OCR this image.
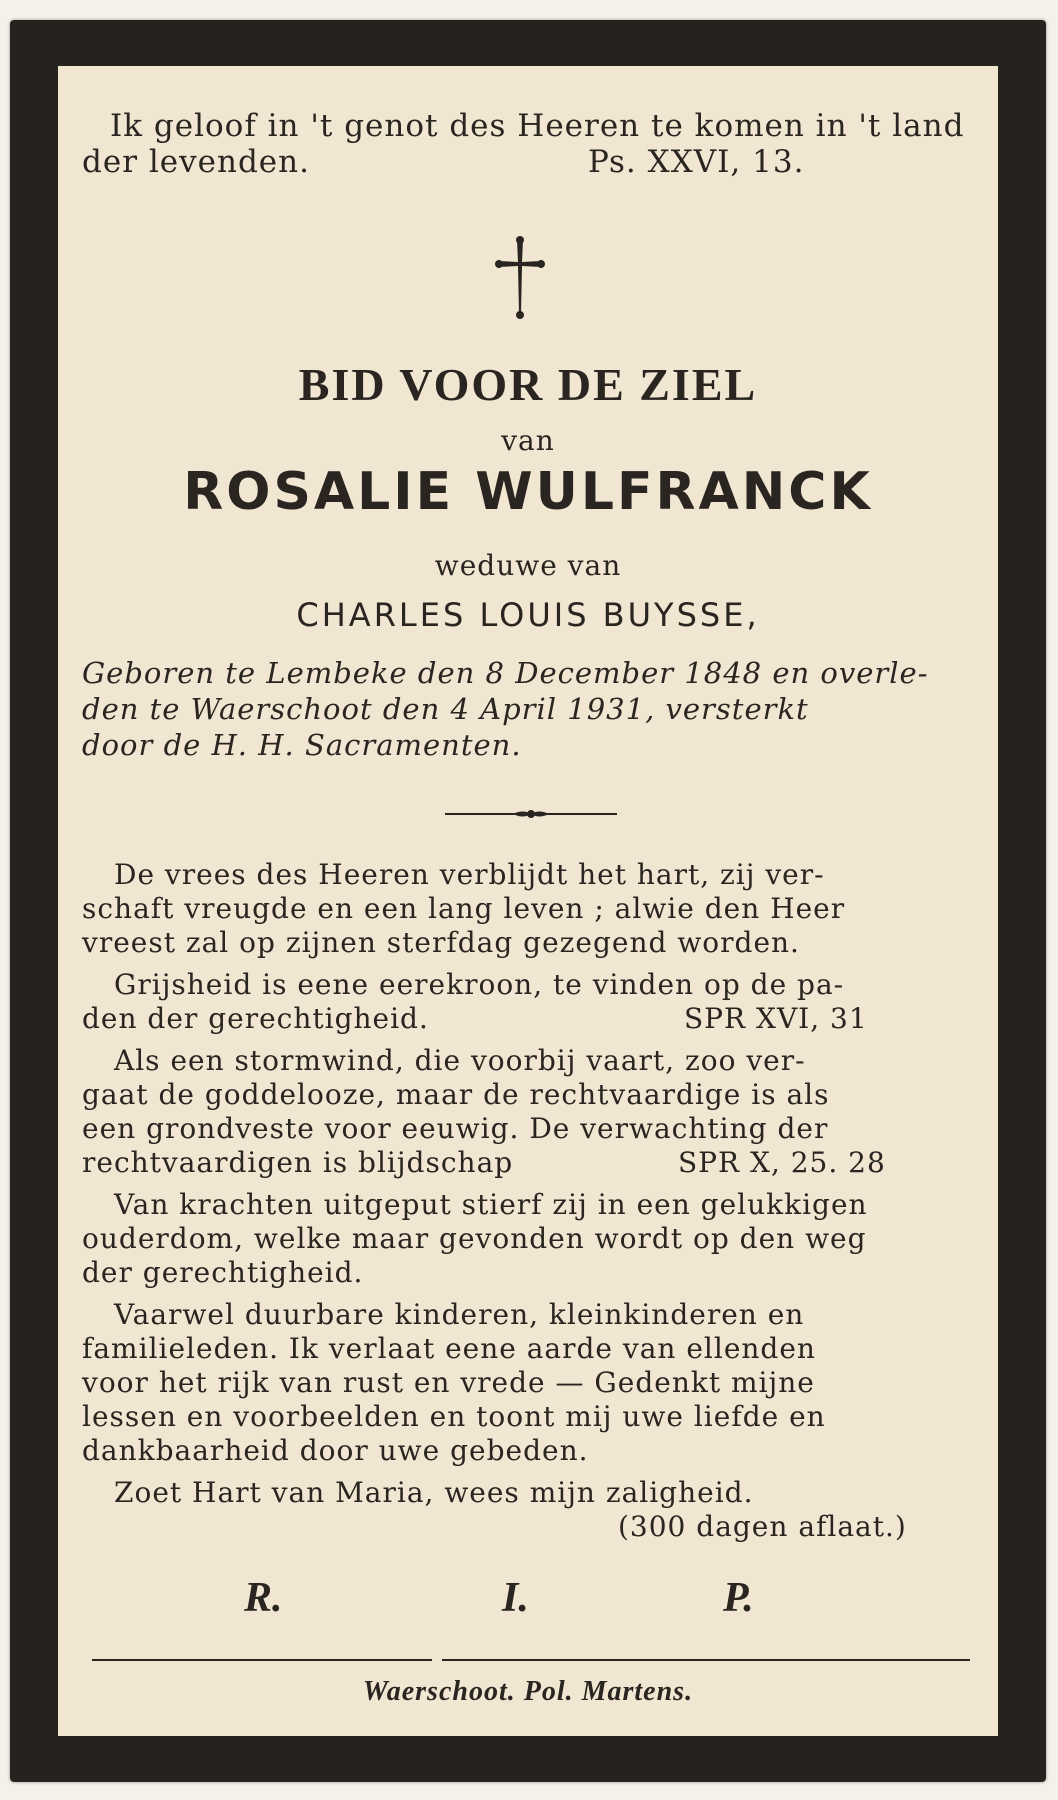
Ik geloof in 't genot des Heeren te komen in 't land
der levenden.	Ps. XXVI, 13.
BID VOOR DE ZIEL
van
ROSALIE WULFRANCK
weduwe van
CHARLES LOUIS BUYSSE,
Geboren te Lembeke den 8 December 1848 en overle-
den te Waerschoot den 4 April 1931, versterkt
door de H. H. Sacramenten.
De vrees des Heeren verblijdt het hart, zij ver-
schaft vreugde en een lang leven ; alwie den Heer
vreest zal op zijnen sterfdag gezegend worden.
Grijsheid is eene eerekroon, te vinden op de pa-
den der gerechtigheid.	SPR XVI, 31
Als een stormwind, die voorbij vaart, zoo ver-
gaat de goddelooze, maar de rechtvaardige is als
een grondveste voor eeuwig. De verwachting der
rechtvaardigen is blijdschap	SPR X, 25. 28
Van krachten uitgeput stierf zij in een gelukkigen
ouderdom, welke maar gevonden wordt op den weg
der gerechtigheid.
Vaarwel duurbare kinderen, kleinkinderen en
familieleden. Ik verlaat eene aarde van ellenden
voor het rijk van rust en vrede — Gedenkt mijne
lessen en voorbeelden en toont mij uwe liefde en
dankbaarheid door uwe gebeden.
Zoet Hart van Maria, wees mijn zaligheid.
(300 dagen aflaat.)
R.	I.	P.
Waerschoot. Pol. Martens.
